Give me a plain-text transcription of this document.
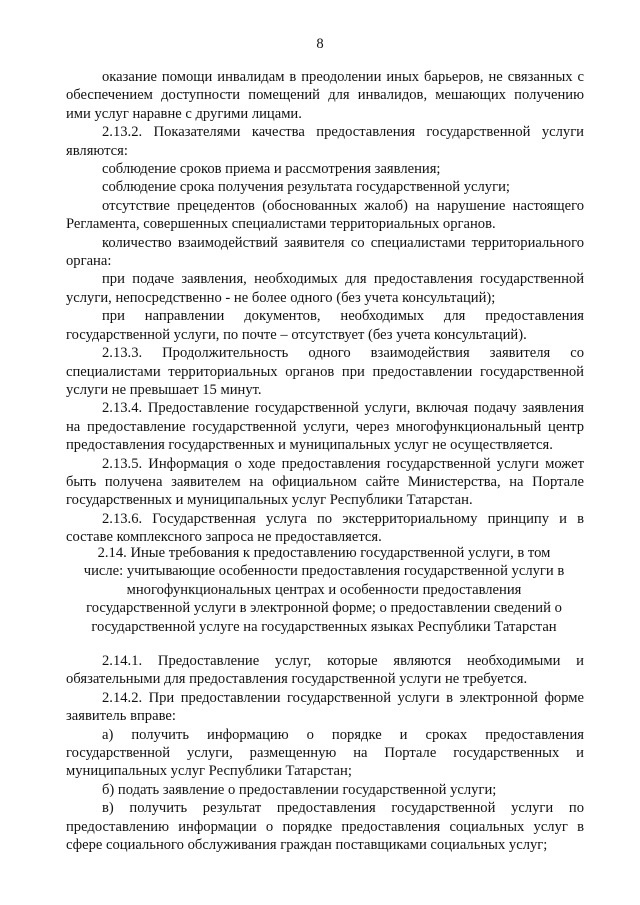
8

оказание помощи инвалидам в преодолении иных барьеров, не связанных с обеспечением доступности помещений для инвалидов, мешающих получению ими услуг наравне с другими лицами.

2.13.2. Показателями качества предоставления государственной услуги являются:

соблюдение сроков приема и рассмотрения заявления;

соблюдение срока получения результата государственной услуги;

отсутствие прецедентов (обоснованных жалоб) на нарушение настоящего Регламента, совершенных специалистами территориальных органов.

количество взаимодействий заявителя со специалистами территориального органа:

при подаче заявления, необходимых для предоставления государственной услуги, непосредственно - не более одного (без учета консультаций);

при направлении документов, необходимых для предоставления государственной услуги, по почте – отсутствует (без учета консультаций).

2.13.3. Продолжительность одного взаимодействия заявителя со специалистами территориальных органов при предоставлении государственной услуги не превышает 15 минут.

2.13.4. Предоставление государственной услуги, включая подачу заявления на предоставление государственной услуги, через многофункциональный центр предоставления государственных и муниципальных услуг не осуществляется.

2.13.5. Информация о ходе предоставления государственной услуги может быть получена заявителем на официальном сайте Министерства, на Портале государственных и муниципальных услуг Республики Татарстан.

2.13.6. Государственная услуга по экстерриториальному принципу и в составе комплексного запроса не предоставляется.

2.14. Иные требования к предоставлению государственной услуги, в том числе: учитывающие особенности предоставления государственной услуги в многофункциональных центрах и особенности предоставления государственной услуги в электронной форме; о предоставлении сведений о государственной услуге на государственных языках Республики Татарстан

2.14.1. Предоставление услуг, которые являются необходимыми и обязательными для предоставления государственной услуги не требуется.

2.14.2. При предоставлении государственной услуги в электронной форме заявитель вправе:

а) получить информацию о порядке и сроках предоставления государственной услуги, размещенную на Портале государственных и муниципальных услуг Республики Татарстан;

б) подать заявление о предоставлении государственной услуги;

в) получить результат предоставления государственной услуги по предоставлению информации о порядке предоставления социальных услуг в сфере социального обслуживания граждан поставщиками социальных услуг;
